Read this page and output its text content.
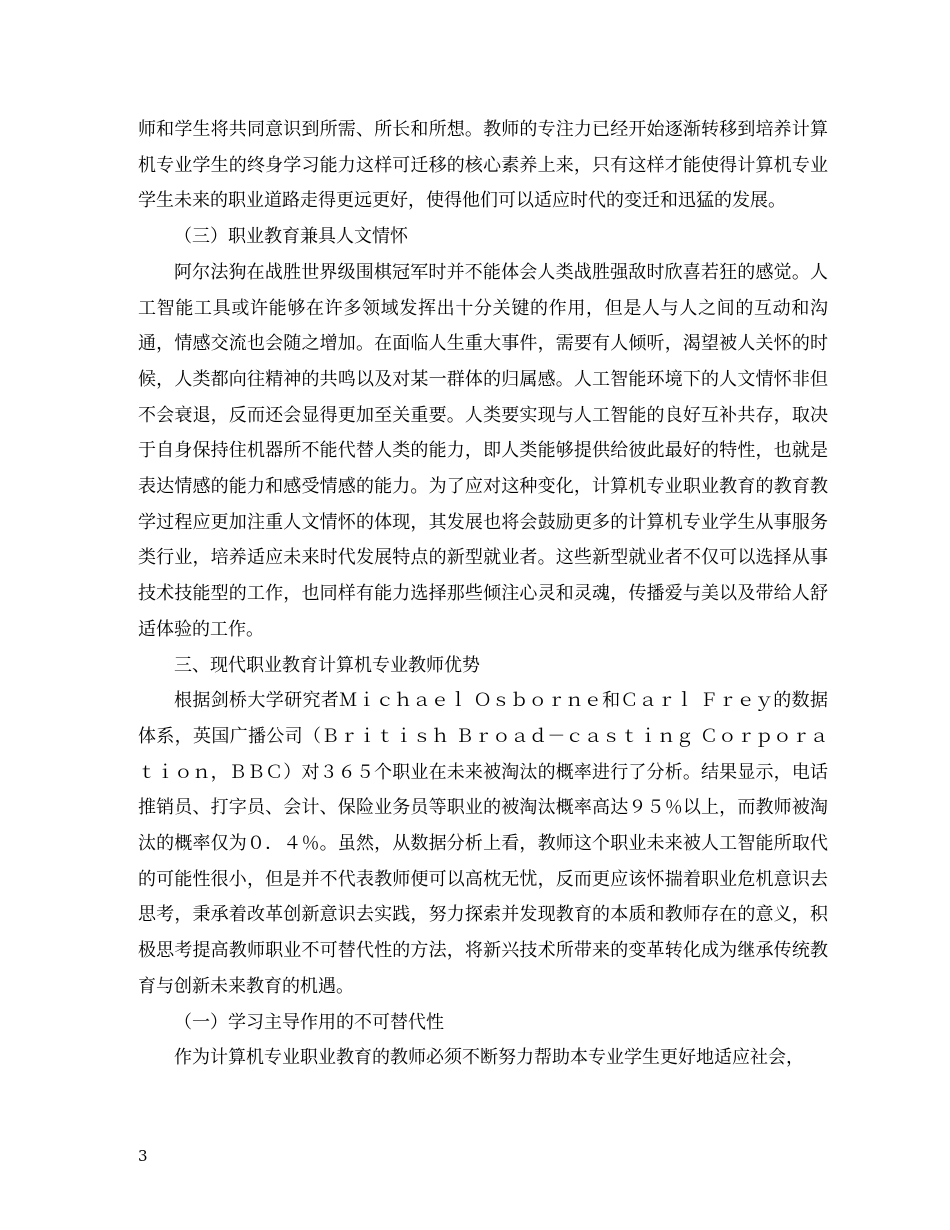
师和学生将共同意识到所需、所长和所想。教师的专注力已经开始逐渐转移到培养计算机专业学生的终身学习能力这样可迁移的核心素养上来，只有这样才能使得计算机专业学生未来的职业道路走得更远更好，使得他们可以适应时代的变迁和迅猛的发展。

（三）职业教育兼具人文情怀

阿尔法狗在战胜世界级围棋冠军时并不能体会人类战胜强敌时欣喜若狂的感觉。人工智能工具或许能够在许多领域发挥出十分关键的作用，但是人与人之间的互动和沟通，情感交流也会随之增加。在面临人生重大事件，需要有人倾听，渴望被人关怀的时候，人类都向往精神的共鸣以及对某一群体的归属感。人工智能环境下的人文情怀非但不会衰退，反而还会显得更加至关重要。人类要实现与人工智能的良好互补共存，取决于自身保持住机器所不能代替人类的能力，即人类能够提供给彼此最好的特性，也就是表达情感的能力和感受情感的能力。为了应对这种变化，计算机专业职业教育的教育教学过程应更加注重人文情怀的体现，其发展也将会鼓励更多的计算机专业学生从事服务类行业，培养适应未来时代发展特点的新型就业者。这些新型就业者不仅可以选择从事技术技能型的工作，也同样有能力选择那些倾注心灵和灵魂，传播爱与美以及带给人舒适体验的工作。

三、现代职业教育计算机专业教师优势

根据剑桥大学研究者Ｍｉｃｈａｅｌ Ｏｓｂｏｒｎｅ和Ｃａｒｌ Ｆｒｅｙ的数据体系，英国广播公司（Ｂｒｉｔｉｓｈ Ｂｒｏａｄ－ｃａｓｔｉｎｇ Ｃｏｒｐｏｒａｔｉｏｎ，ＢＢＣ）对３６５个职业在未来被淘汰的概率进行了分析。结果显示，电话推销员、打字员、会计、保险业务员等职业的被淘汰概率高达９５％以上，而教师被淘汰的概率仅为０．４％。虽然，从数据分析上看，教师这个职业未来被人工智能所取代的可能性很小，但是并不代表教师便可以高枕无忧，反而更应该怀揣着职业危机意识去思考，秉承着改革创新意识去实践，努力探索并发现教育的本质和教师存在的意义，积极思考提高教师职业不可替代性的方法，将新兴技术所带来的变革转化成为继承传统教育与创新未来教育的机遇。

（一）学习主导作用的不可替代性

作为计算机专业职业教育的教师必须不断努力帮助本专业学生更好地适应社会，

3
